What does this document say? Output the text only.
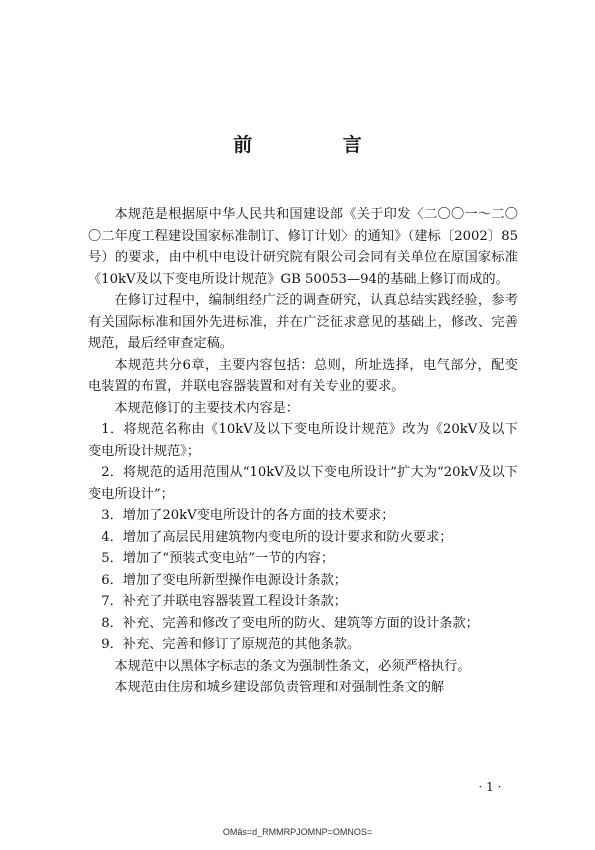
前 言

本规范是根据原中华人民共和国建设部《关于印发〈二〇〇一～二〇〇二年度工程建设国家标准制订、修订计划〉的通知》（建标〔2002〕85号）的要求，由中机中电设计研究院有限公司会同有关单位在原国家标准《10kV及以下变电所设计规范》GB 50053—94的基础上修订而成的。

在修订过程中，编制组经广泛的调查研究，认真总结实践经验，参考有关国际标准和国外先进标准，并在广泛征求意见的基础上，修改、完善规范，最后经审查定稿。

本规范共分6章，主要内容包括：总则，所址选择，电气部分，配变电装置的布置，并联电容器装置和对有关专业的要求。

本规范修订的主要技术内容是：

1．将规范名称由《10kV及以下变电所设计规范》改为《20kV及以下变电所设计规范》；

2．将规范的适用范围从“10kV及以下变电所设计”扩大为“20kV及以下变电所设计”；

3．增加了20kV变电所设计的各方面的技术要求；

4．增加了高层民用建筑物内变电所的设计要求和防火要求；

5．增加了“预装式变电站”一节的内容；

6．增加了变电所新型操作电源设计条款；

7．补充了并联电容器装置工程设计条款；

8．补充、完善和修改了变电所的防火、建筑等方面的设计条款；

9．补充、完善和修订了原规范的其他条款。

本规范中以黑体字标志的条文为强制性条文，必须严格执行。

本规范由住房和城乡建设部负责管理和对强制性条文的解

· 1 ·
OMâs=d_RMMRPJOMNP=OMNOS=
